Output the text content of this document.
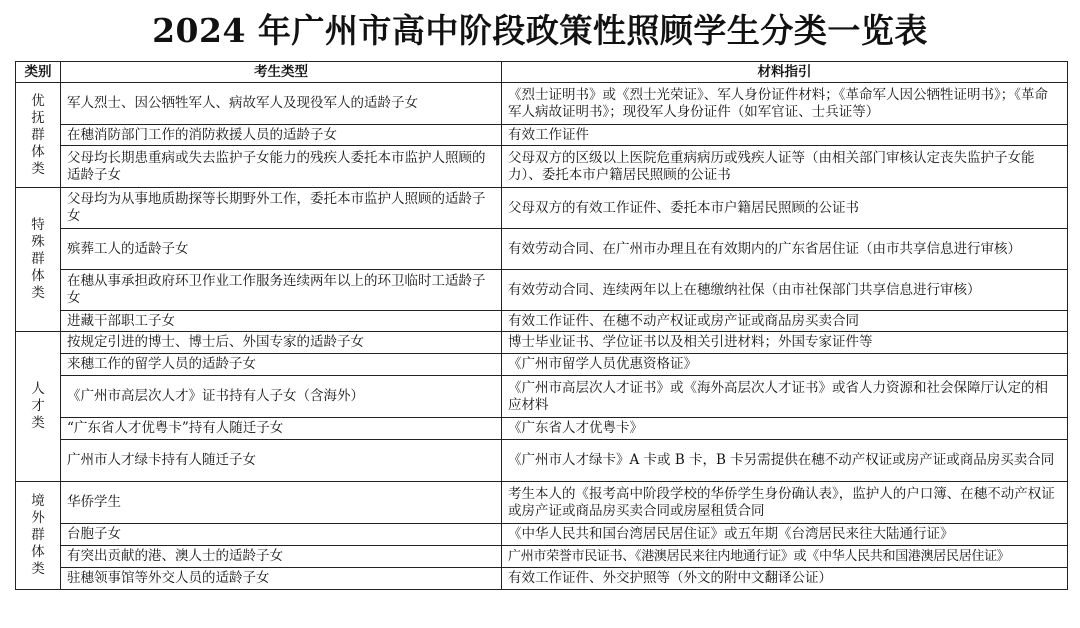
2024 年广州市高中阶段政策性照顾学生分类一览表
类别	考生类型	材料指引
优抚群体类	军人烈士、因公牺牲军人、病故军人及现役军人的适龄子女	《烈士证明书》或《烈士光荣证》、军人身份证件材料；《革命军人因公牺牲证明书》；《革命军人病故证明书》；现役军人身份证件（如军官证、士兵证等）
	在穗消防部门工作的消防救援人员的适龄子女	有效工作证件
	父母均长期患重病或失去监护子女能力的残疾人委托本市监护人照顾的适龄子女	父母双方的区级以上医院危重病病历或残疾人证等（由相关部门审核认定丧失监护子女能力）、委托本市户籍居民照顾的公证书
特殊群体类	父母均为从事地质勘探等长期野外工作，委托本市监护人照顾的适龄子女	父母双方的有效工作证件、委托本市户籍居民照顾的公证书
	殡葬工人的适龄子女	有效劳动合同、在广州市办理且在有效期内的广东省居住证（由市共享信息进行审核）
	在穗从事承担政府环卫作业工作服务连续两年以上的环卫临时工适龄子女	有效劳动合同、连续两年以上在穗缴纳社保（由市社保部门共享信息进行审核）
	进藏干部职工子女	有效工作证件、在穗不动产权证或房产证或商品房买卖合同
人才类	按规定引进的博士、博士后、外国专家的适龄子女	博士毕业证书、学位证书以及相关引进材料；外国专家证件等
	来穗工作的留学人员的适龄子女	《广州市留学人员优惠资格证》
	《广州市高层次人才》证书持有人子女（含海外）	《广州市高层次人才证书》或《海外高层次人才证书》或省人力资源和社会保障厅认定的相应材料
	“广东省人才优粤卡”持有人随迁子女	《广东省人才优粤卡》
	广州市人才绿卡持有人随迁子女	《广州市人才绿卡》A 卡或 B 卡，B 卡另需提供在穗不动产权证或房产证或商品房买卖合同
境外群体类	华侨学生	考生本人的《报考高中阶段学校的华侨学生身份确认表》，监护人的户口簿、在穗不动产权证或房产证或商品房买卖合同或房屋租赁合同
	台胞子女	《中华人民共和国台湾居民居住证》或五年期《台湾居民来往大陆通行证》
	有突出贡献的港、澳人士的适龄子女	广州市荣誉市民证书、《港澳居民来往内地通行证》或《中华人民共和国港澳居民居住证》
	驻穗领事馆等外交人员的适龄子女	有效工作证件、外交护照等（外文的附中文翻译公证）
